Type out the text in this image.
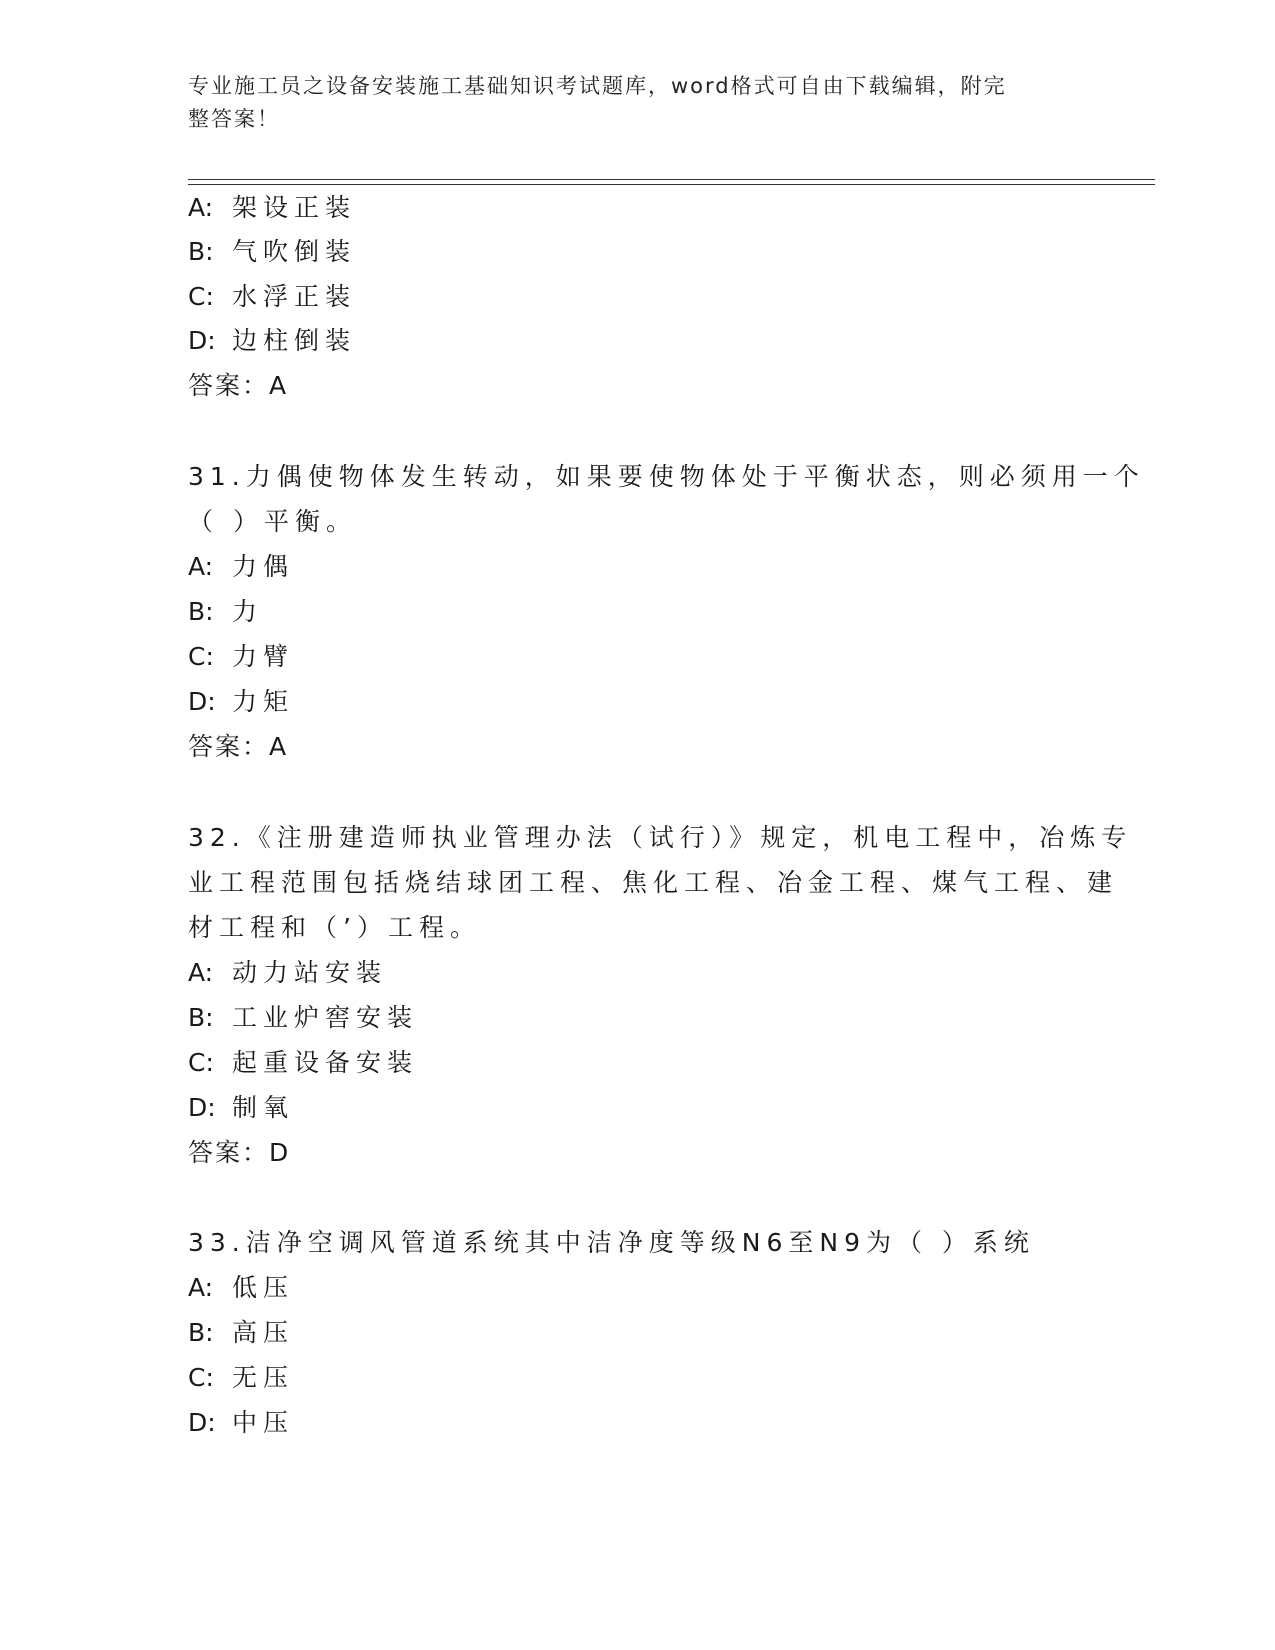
专业施工员之设备安装施工基础知识考试题库，word格式可自由下载编辑，附完
整答案！
A: 架设正装
B: 气吹倒装
C: 水浮正装
D: 边柱倒装
答案：A
31.力偶使物体发生转动，如果要使物体处于平衡状态，则必须用一个
（ ）平衡。
A: 力偶
B: 力
C: 力臂
D: 力矩
答案：A
32.《注册建造师执业管理办法（试行）》规定，机电工程中，冶炼专
业工程范围包括烧结球团工程、焦化工程、冶金工程、煤气工程、建
材工程和（’）工程。
A: 动力站安装
B: 工业炉窖安装
C: 起重设备安装
D: 制氧
答案：D
33.洁净空调风管道系统其中洁净度等级N6至N9为（ ）系统
A: 低压
B: 高压
C: 无压
D: 中压
